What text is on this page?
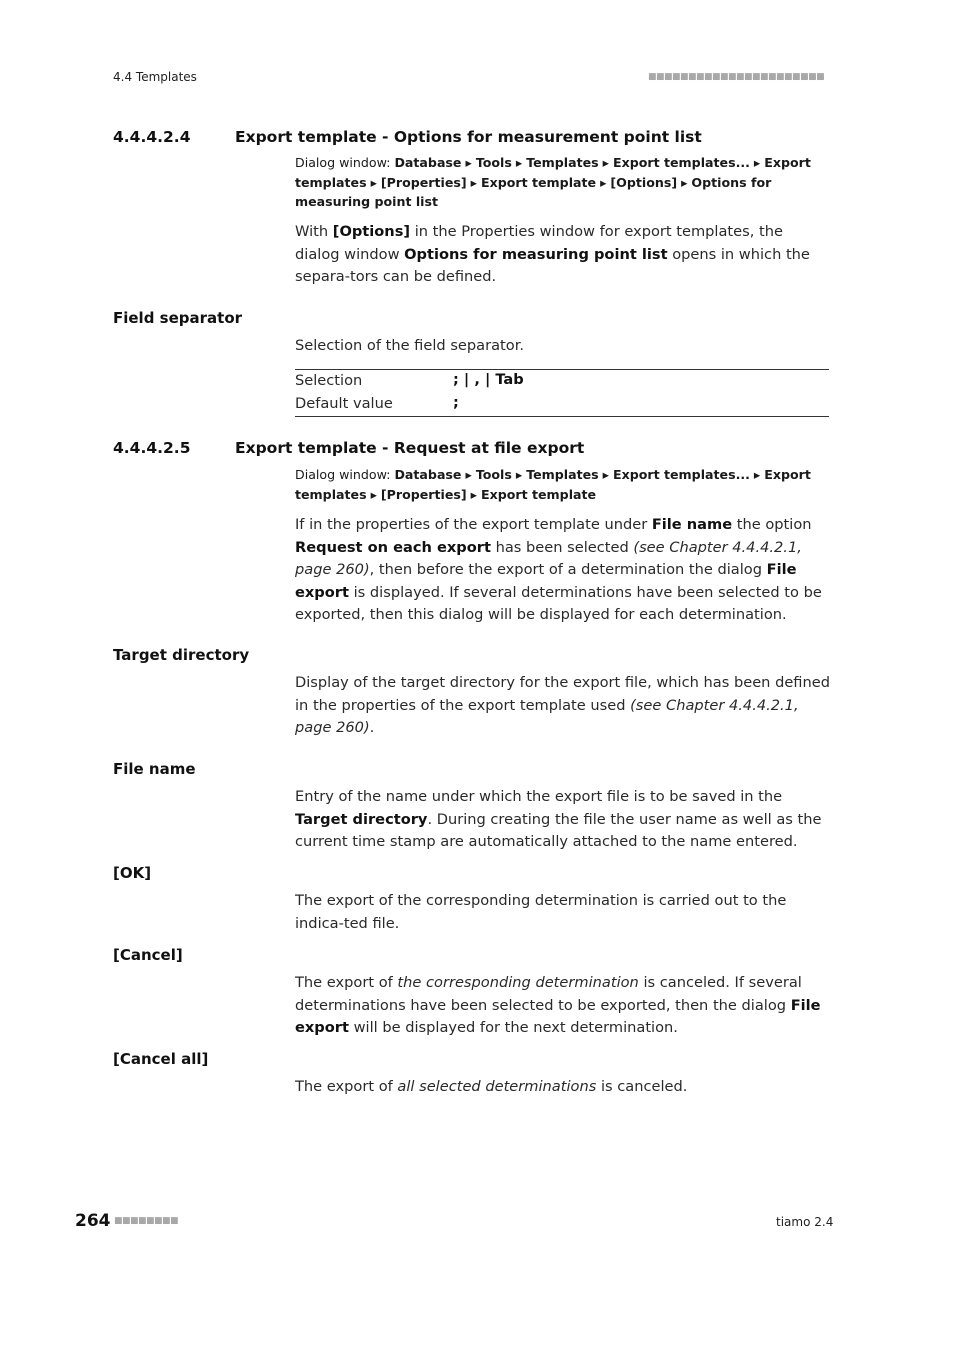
4.4 Templates	■■■■■■■■■■■■■■■■■■■■■■
4.4.4.2.4	Export template - Options for measurement point list
Dialog window: Database ▸ Tools ▸ Templates ▸ Export templates... ▸ Export templates ▸ [Properties] ▸ Export template ▸ [Options] ▸ Options for measuring point list
With [Options] in the Properties window for export templates, the dialog window Options for measuring point list opens in which the separa-tors can be defined.
Field separator
Selection of the field separator.
Selection	; | , | Tab
Default value	;
4.4.4.2.5	Export template - Request at file export
Dialog window: Database ▸ Tools ▸ Templates ▸ Export templates... ▸ Export templates ▸ [Properties] ▸ Export template
If in the properties of the export template under File name the option Request on each export has been selected (see Chapter 4.4.4.2.1, page 260), then before the export of a determination the dialog File export is displayed. If several determinations have been selected to be exported, then this dialog will be displayed for each determination.
Target directory
Display of the target directory for the export file, which has been defined in the properties of the export template used (see Chapter 4.4.4.2.1, page 260).
File name
Entry of the name under which the export file is to be saved in the Target directory. During creating the file the user name as well as the current time stamp are automatically attached to the name entered.
[OK]
The export of the corresponding determination is carried out to the indica-ted file.
[Cancel]
The export of the corresponding determination is canceled. If several determinations have been selected to be exported, then the dialog File export will be displayed for the next determination.
[Cancel all]
The export of all selected determinations is canceled.
264 ■■■■■■■■	tiamo 2.4
